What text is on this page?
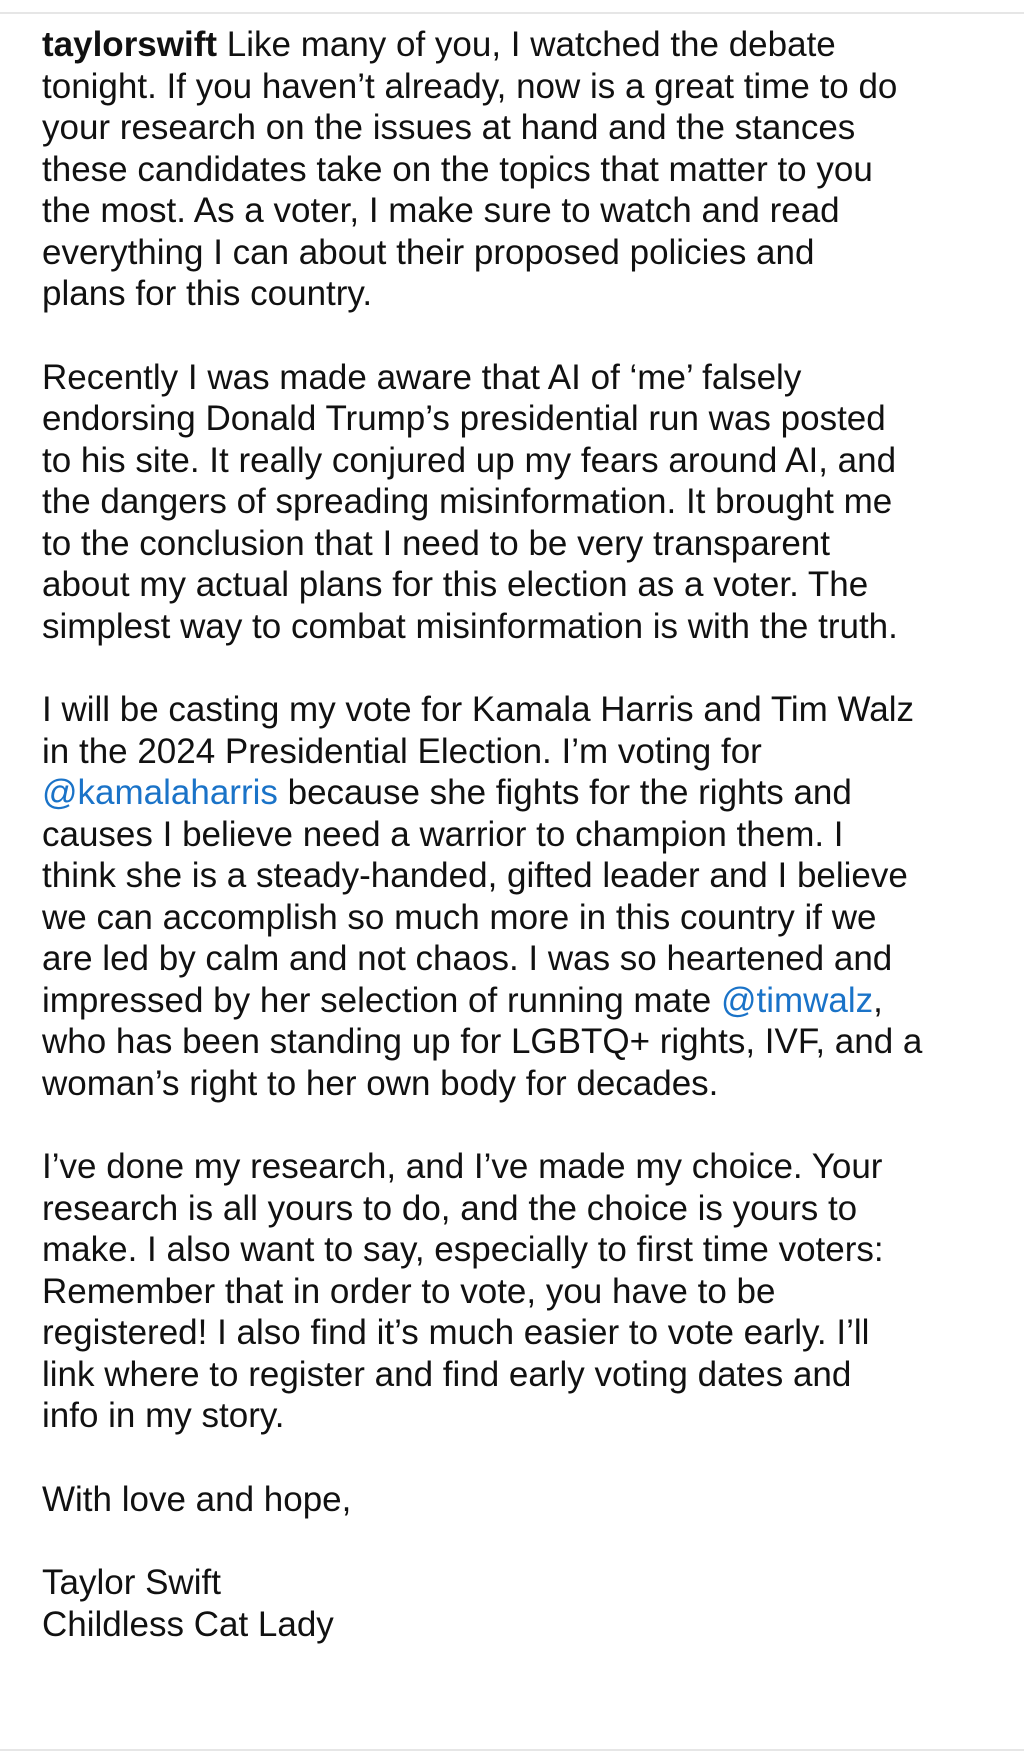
taylorswift Like many of you, I watched the debate
tonight. If you haven’t already, now is a great time to do
your research on the issues at hand and the stances
these candidates take on the topics that matter to you
the most. As a voter, I make sure to watch and read
everything I can about their proposed policies and
plans for this country.

Recently I was made aware that AI of ‘me’ falsely
endorsing Donald Trump’s presidential run was posted
to his site. It really conjured up my fears around AI, and
the dangers of spreading misinformation. It brought me
to the conclusion that I need to be very transparent
about my actual plans for this election as a voter. The
simplest way to combat misinformation is with the truth.

I will be casting my vote for Kamala Harris and Tim Walz
in the 2024 Presidential Election. I’m voting for
@kamalaharris because she fights for the rights and
causes I believe need a warrior to champion them. I
think she is a steady-handed, gifted leader and I believe
we can accomplish so much more in this country if we
are led by calm and not chaos. I was so heartened and
impressed by her selection of running mate @timwalz,
who has been standing up for LGBTQ+ rights, IVF, and a
woman’s right to her own body for decades.

I’ve done my research, and I’ve made my choice. Your
research is all yours to do, and the choice is yours to
make. I also want to say, especially to first time voters:
Remember that in order to vote, you have to be
registered! I also find it’s much easier to vote early. I’ll
link where to register and find early voting dates and
info in my story.

With love and hope,

Taylor Swift
Childless Cat Lady
